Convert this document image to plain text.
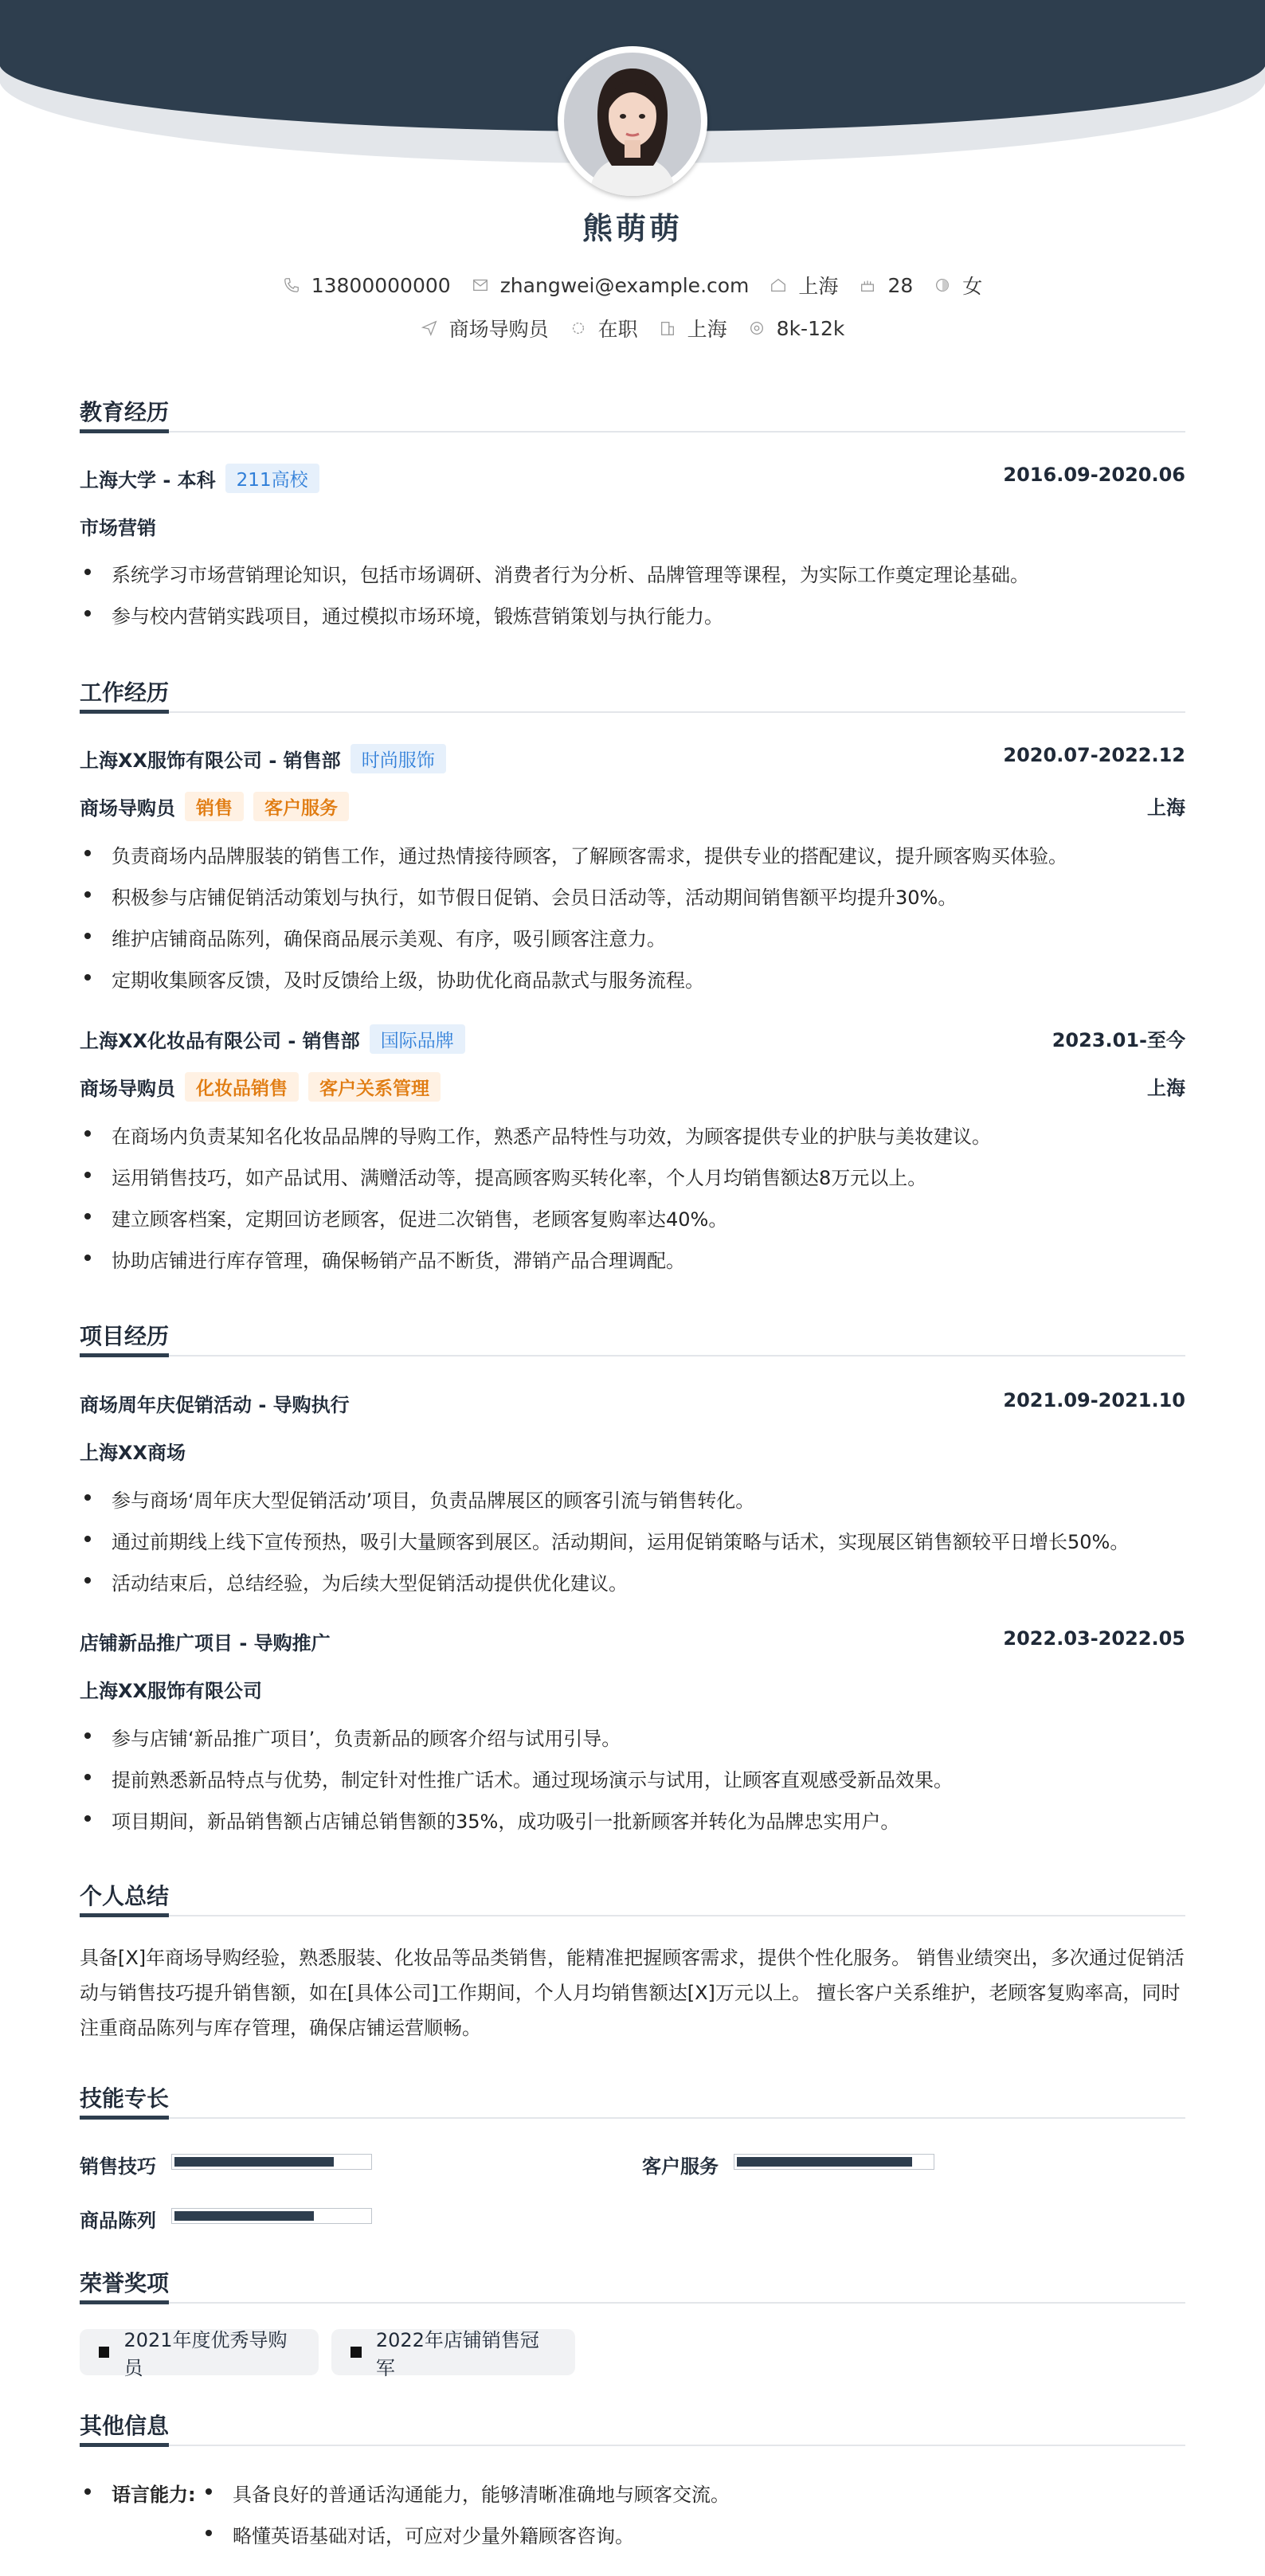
熊萌萌
13800000000 zhangwei@example.com 上海 28 女
商场导购员 在职 上海 8k-12k
教育经历
上海大学 - 本科 211高校	2016.09-2020.06
市场营销
系统学习市场营销理论知识，包括市场调研、消费者行为分析、品牌管理等课程，为实际工作奠定理论基础。
参与校内营销实践项目，通过模拟市场环境，锻炼营销策划与执行能力。
工作经历
上海XX服饰有限公司 - 销售部 时尚服饰	2020.07-2022.12
商场导购员 销售 客户服务	上海
负责商场内品牌服装的销售工作，通过热情接待顾客，了解顾客需求，提供专业的搭配建议，提升顾客购买体验。
积极参与店铺促销活动策划与执行，如节假日促销、会员日活动等，活动期间销售额平均提升30%。
维护店铺商品陈列，确保商品展示美观、有序，吸引顾客注意力。
定期收集顾客反馈，及时反馈给上级，协助优化商品款式与服务流程。
上海XX化妆品有限公司 - 销售部 国际品牌	2023.01-至今
商场导购员 化妆品销售 客户关系管理	上海
在商场内负责某知名化妆品品牌的导购工作，熟悉产品特性与功效，为顾客提供专业的护肤与美妆建议。
运用销售技巧，如产品试用、满赠活动等，提高顾客购买转化率，个人月均销售额达8万元以上。
建立顾客档案，定期回访老顾客，促进二次销售，老顾客复购率达40%。
协助店铺进行库存管理，确保畅销产品不断货，滞销产品合理调配。
项目经历
商场周年庆促销活动 - 导购执行	2021.09-2021.10
上海XX商场
参与商场‘周年庆大型促销活动’项目，负责品牌展区的顾客引流与销售转化。
通过前期线上线下宣传预热，吸引大量顾客到展区。活动期间，运用促销策略与话术，实现展区销售额较平日增长50%。
活动结束后，总结经验，为后续大型促销活动提供优化建议。
店铺新品推广项目 - 导购推广	2022.03-2022.05
上海XX服饰有限公司
参与店铺‘新品推广项目’，负责新品的顾客介绍与试用引导。
提前熟悉新品特点与优势，制定针对性推广话术。通过现场演示与试用，让顾客直观感受新品效果。
项目期间，新品销售额占店铺总销售额的35%，成功吸引一批新顾客并转化为品牌忠实用户。
个人总结
具备[X]年商场导购经验，熟悉服装、化妆品等品类销售，能精准把握顾客需求，提供个性化服务。 销售业绩突出，多次通过促销活动与销售技巧提升销售额，如在[具体公司]工作期间，个人月均销售额达[X]万元以上。 擅长客户关系维护，老顾客复购率高，同时注重商品陈列与库存管理，确保店铺运营顺畅。
技能专长
销售技巧	客户服务
商品陈列
荣誉奖项
2021年度优秀导购员
2022年店铺销售冠军
其他信息
语言能力:	具备良好的普通话沟通能力，能够清晰准确地与顾客交流。
略懂英语基础对话，可应对少量外籍顾客咨询。
